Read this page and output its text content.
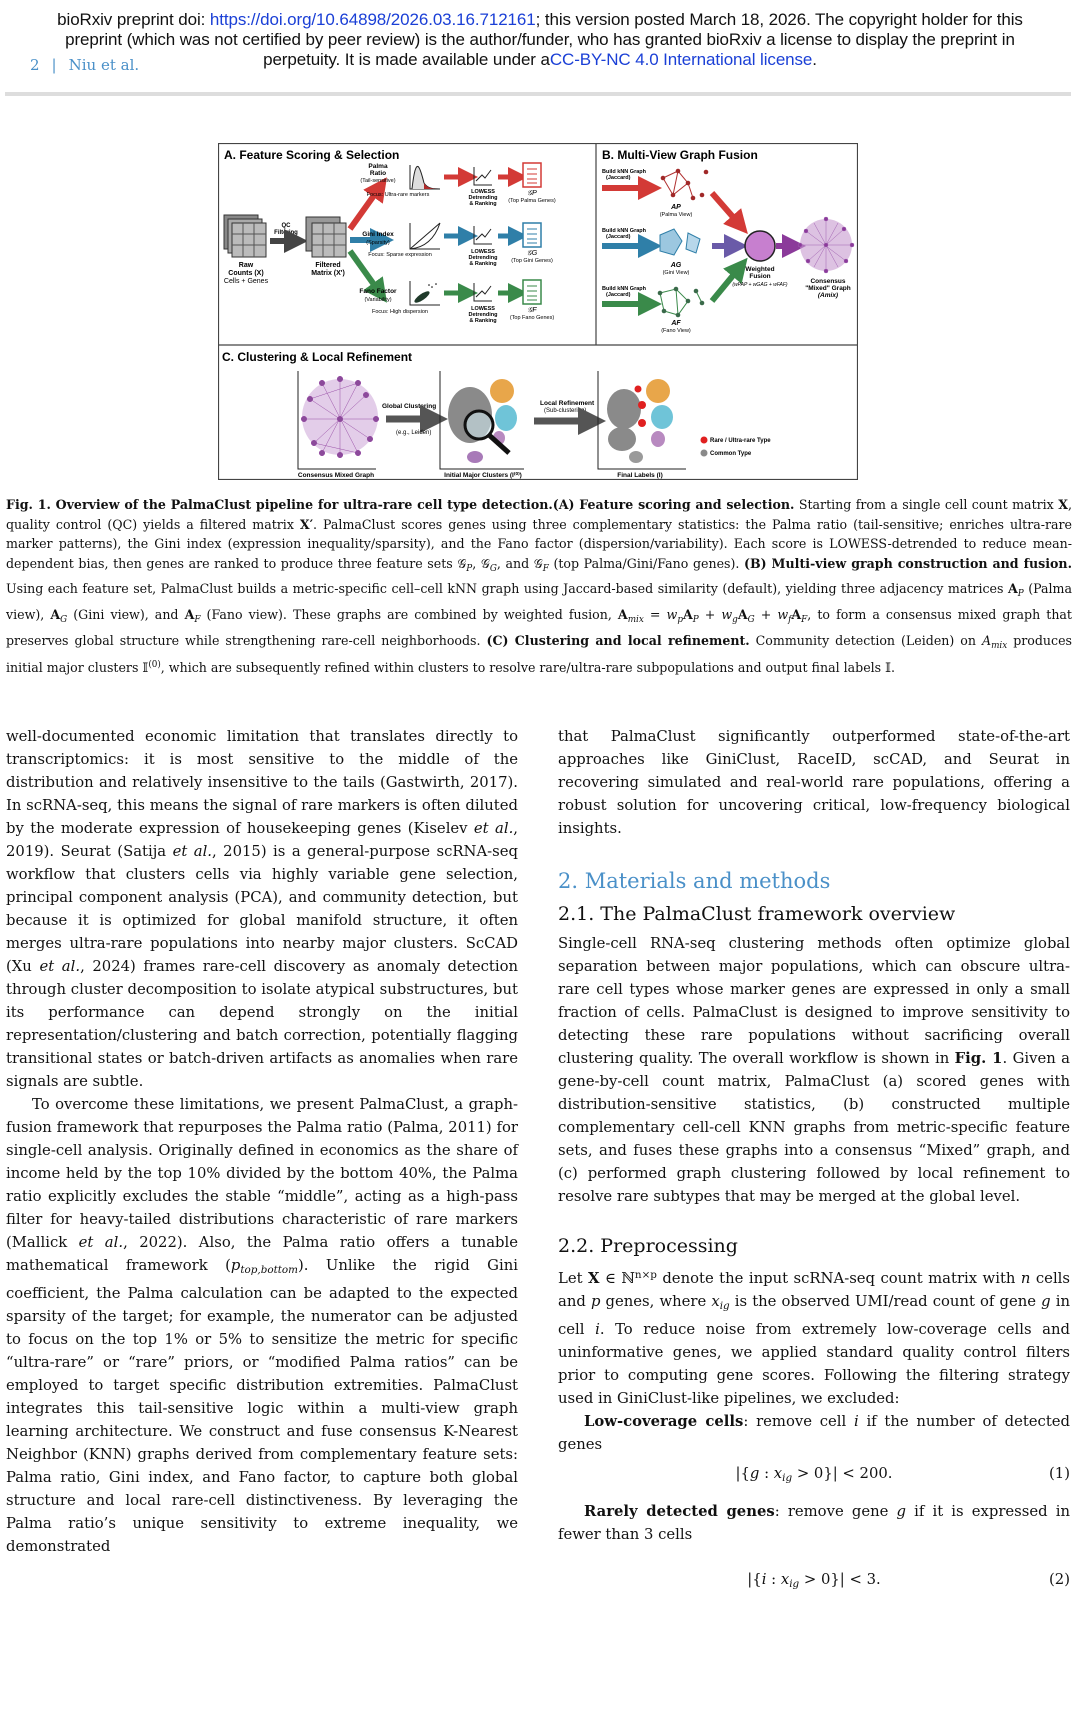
bioRxiv preprint doi: https://doi.org/10.64898/2026.03.16.712161; this version posted March 18, 2026. The copyright holder for this
preprint (which was not certified by peer review) is the author/funder, who has granted bioRxiv a license to display the preprint in
perpetuity. It is made available under aCC-BY-NC 4.0 International license.
2 | Niu et al.
A. Feature Scoring & Selection
Raw
Counts (X)
Cells + Genes
QC
Filtering
Filtered
Matrix (X')
Palma
Ratio
(Tail-sensitive)
Focus: Ultra-rare markers
Gini Index
(Sparsity)
Focus: Sparse expression
Fano Factor
(Variability)
Focus: High dispersion
LOWESS
Detrending
& Ranking
LOWESS
Detrending
& Ranking
LOWESS
Detrending
& Ranking
𝒢P
(Top Palma Genes)
𝒢G
(Top Gini Genes)
𝒢F
(Top Fano Genes)
B. Multi-View Graph Fusion
Build kNN Graph
(Jaccard)
Build kNN Graph
(Jaccard)
Build kNN Graph
(Jaccard)
AP
(Palma View)
AG
(Gini View)
AF
(Fano View)
Weighted
Fusion
(wPAP + wGAG + wFAF)	Consensus
"Mixed" Graph
(Amix)
C. Clustering & Local Refinement
Consensus Mixed Graph
Global Clustering
(e.g., Leiden)
Initial Major Clusters (I⁽⁰⁾)
Local Refinement
(Sub-clustering)
Final Labels (I)
Rare / Ultra-rare Type
Common Type
Fig. 1. Overview of the PalmaClust pipeline for ultra-rare cell type detection.(A) Feature scoring and selection. Starting from a single cell count matrix X, quality control (QC) yields a filtered matrix X′. PalmaClust scores genes using three complementary statistics: the Palma ratio (tail-sensitive; enriches ultra-rare marker patterns), the Gini index (expression inequality/sparsity), and the Fano factor (dispersion/variability). Each score is LOWESS-detrended to reduce mean-dependent bias, then genes are ranked to produce three feature sets 𝒢$_P$, 𝒢$_G$, and 𝒢$_F$ (top Palma/Gini/Fano genes). (B) Multi-view graph construction and fusion. Using each feature set, PalmaClust builds a metric-specific cell–cell kNN graph using Jaccard-based similarity (default), yielding three adjacency matrices $A_P$ (Palma view), $A_G$ (Gini view), and $A_F$ (Fano view). These graphs are combined by weighted fusion, $A_{mix} = w_pA_P + w_gA_G + w_fA_F$, to form a consensus mixed graph that preserves global structure while strengthening rare-cell neighborhoods. (C) Clustering and local refinement. Community detection (Leiden) on $A_{mix}$ produces initial major clusters 𝕀$^{(0)}$, which are subsequently refined within clusters to resolve rare/ultra-rare subpopulations and output final labels 𝕀.

well-documented economic limitation that translates directly to transcriptomics: it is most sensitive to the middle of the distribution and relatively insensitive to the tails (Gastwirth, 2017). In scRNA-seq, this means the signal of rare markers is often diluted by the moderate expression of housekeeping genes (Kiselev et al., 2019). Seurat (Satija et al., 2015) is a general-purpose scRNA-seq workflow that clusters cells via highly variable gene selection, principal component analysis (PCA), and community detection, but because it is optimized for global manifold structure, it often merges ultra-rare populations into nearby major clusters. ScCAD (Xu et al., 2024) frames rare-cell discovery as anomaly detection through cluster decomposition to isolate atypical substructures, but its performance can depend strongly on the initial representation/clustering and batch correction, potentially flagging transitional states or batch-driven artifacts as anomalies when rare signals are subtle.

To overcome these limitations, we present PalmaClust, a graph-fusion framework that repurposes the Palma ratio (Palma, 2011) for single-cell analysis. Originally defined in economics as the share of income held by the top 10% divided by the bottom 40%, the Palma ratio explicitly excludes the stable “middle”, acting as a high-pass filter for heavy-tailed distributions characteristic of rare markers (Mallick et al., 2022). Also, the Palma ratio offers a tunable mathematical framework $(p_{top,bottom})$. Unlike the rigid Gini coefficient, the Palma calculation can be adapted to the expected sparsity of the target; for example, the numerator can be adjusted to focus on the top 1% or 5% to sensitize the metric for specific “ultra-rare” or “rare” priors, or “modified Palma ratios” can be employed to target specific distribution extremities. PalmaClust integrates this tail-sensitive logic within a multi-view graph learning architecture. We construct and fuse consensus K-Nearest Neighbor (KNN) graphs derived from complementary feature sets: Palma ratio, Gini index, and Fano factor, to capture both global structure and local rare-cell distinctiveness. By leveraging the Palma ratio’s unique sensitivity to extreme inequality, we demonstrated

that PalmaClust significantly outperformed state-of-the-art approaches like GiniClust, RaceID, scCAD, and Seurat in recovering simulated and real-world rare populations, offering a robust solution for uncovering critical, low-frequency biological insights.

2. Materials and methods
2.1. The PalmaClust framework overview

Single-cell RNA-seq clustering methods often optimize global separation between major populations, which can obscure ultra-rare cell types whose marker genes are expressed in only a small fraction of cells. PalmaClust is designed to improve sensitivity to detecting these rare populations without sacrificing overall clustering quality. The overall workflow is shown in Fig. 1. Given a gene-by-cell count matrix, PalmaClust (a) scored genes with distribution-sensitive statistics, (b) constructed multiple complementary cell-cell KNN graphs from metric-specific feature sets, and fuses these graphs into a consensus “Mixed” graph, and (c) performed graph clustering followed by local refinement to resolve rare subtypes that may be merged at the global level.

2.2. Preprocessing

Let X ∈ ℕ$^{n\times p}$ denote the input scRNA-seq count matrix with n cells and p genes, where $x_{ig}$ is the observed UMI/read count of gene g in cell i. To reduce noise from extremely low-coverage cells and uninformative genes, we applied standard quality control filters prior to computing gene scores. Following the filtering strategy used in GiniClust-like pipelines, we excluded:

Low-coverage cells: remove cell i if the number of detected genes

|{g : $x_{ig} > 0\}| < 200$.	(1)

Rarely detected genes: remove gene g if it is expressed in fewer than 3 cells

|{i : $x_{ig} > 0\}| < 3$.	(2)
